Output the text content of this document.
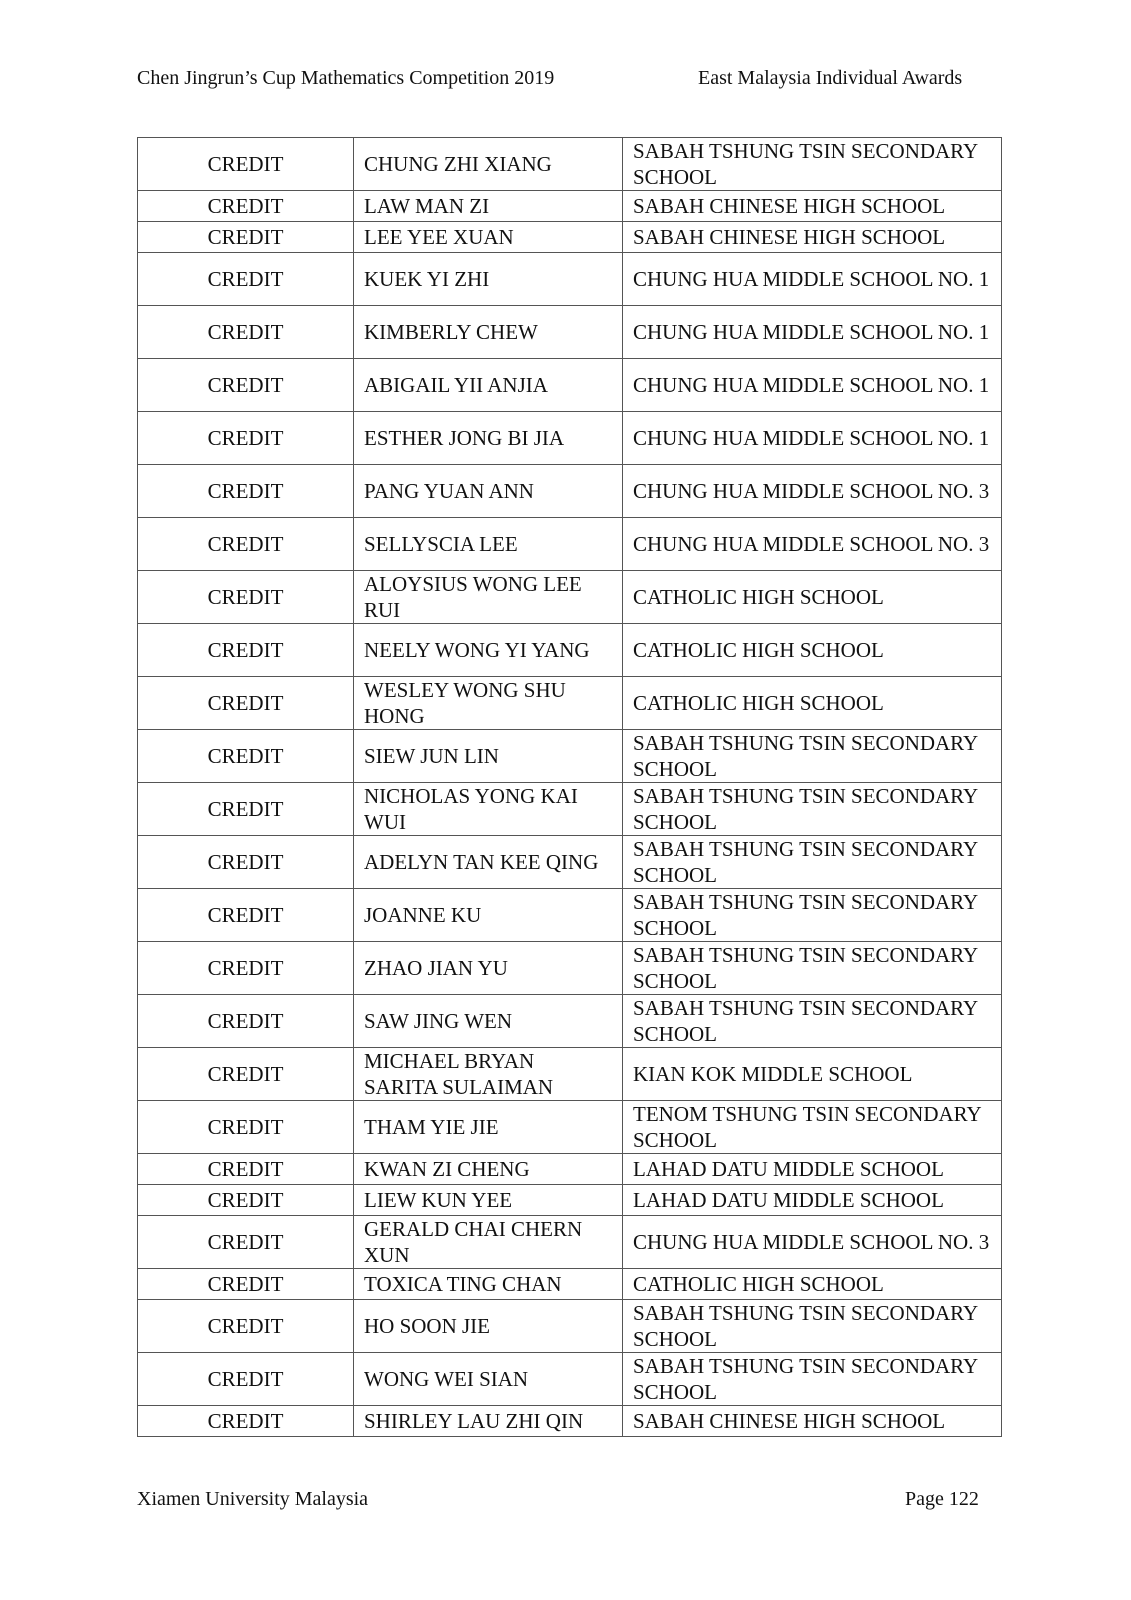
Chen Jingrun’s Cup Mathematics Competition 2019	East Malaysia Individual Awards
CREDIT	CHUNG ZHI XIANG	SABAH TSHUNG TSIN SECONDARY SCHOOL
CREDIT	LAW MAN ZI	SABAH CHINESE HIGH SCHOOL
CREDIT	LEE YEE XUAN	SABAH CHINESE HIGH SCHOOL
CREDIT	KUEK YI ZHI	CHUNG HUA MIDDLE SCHOOL NO. 1
CREDIT	KIMBERLY CHEW	CHUNG HUA MIDDLE SCHOOL NO. 1
CREDIT	ABIGAIL YII ANJIA	CHUNG HUA MIDDLE SCHOOL NO. 1
CREDIT	ESTHER JONG BI JIA	CHUNG HUA MIDDLE SCHOOL NO. 1
CREDIT	PANG YUAN ANN	CHUNG HUA MIDDLE SCHOOL NO. 3
CREDIT	SELLYSCIA LEE	CHUNG HUA MIDDLE SCHOOL NO. 3
CREDIT	ALOYSIUS WONG LEE RUI	CATHOLIC HIGH SCHOOL
CREDIT	NEELY WONG YI YANG	CATHOLIC HIGH SCHOOL
CREDIT	WESLEY WONG SHU HONG	CATHOLIC HIGH SCHOOL
CREDIT	SIEW JUN LIN	SABAH TSHUNG TSIN SECONDARY SCHOOL
CREDIT	NICHOLAS YONG KAI WUI	SABAH TSHUNG TSIN SECONDARY SCHOOL
CREDIT	ADELYN TAN KEE QING	SABAH TSHUNG TSIN SECONDARY SCHOOL
CREDIT	JOANNE KU	SABAH TSHUNG TSIN SECONDARY SCHOOL
CREDIT	ZHAO JIAN YU	SABAH TSHUNG TSIN SECONDARY SCHOOL
CREDIT	SAW JING WEN	SABAH TSHUNG TSIN SECONDARY SCHOOL
CREDIT	MICHAEL BRYAN SARITA SULAIMAN	KIAN KOK MIDDLE SCHOOL
CREDIT	THAM YIE JIE	TENOM TSHUNG TSIN SECONDARY SCHOOL
CREDIT	KWAN ZI CHENG	LAHAD DATU MIDDLE SCHOOL
CREDIT	LIEW KUN YEE	LAHAD DATU MIDDLE SCHOOL
CREDIT	GERALD CHAI CHERN XUN	CHUNG HUA MIDDLE SCHOOL NO. 3
CREDIT	TOXICA TING CHAN	CATHOLIC HIGH SCHOOL
CREDIT	HO SOON JIE	SABAH TSHUNG TSIN SECONDARY SCHOOL
CREDIT	WONG WEI SIAN	SABAH TSHUNG TSIN SECONDARY SCHOOL
CREDIT	SHIRLEY LAU ZHI QIN	SABAH CHINESE HIGH SCHOOL
Xiamen University Malaysia	Page 122
